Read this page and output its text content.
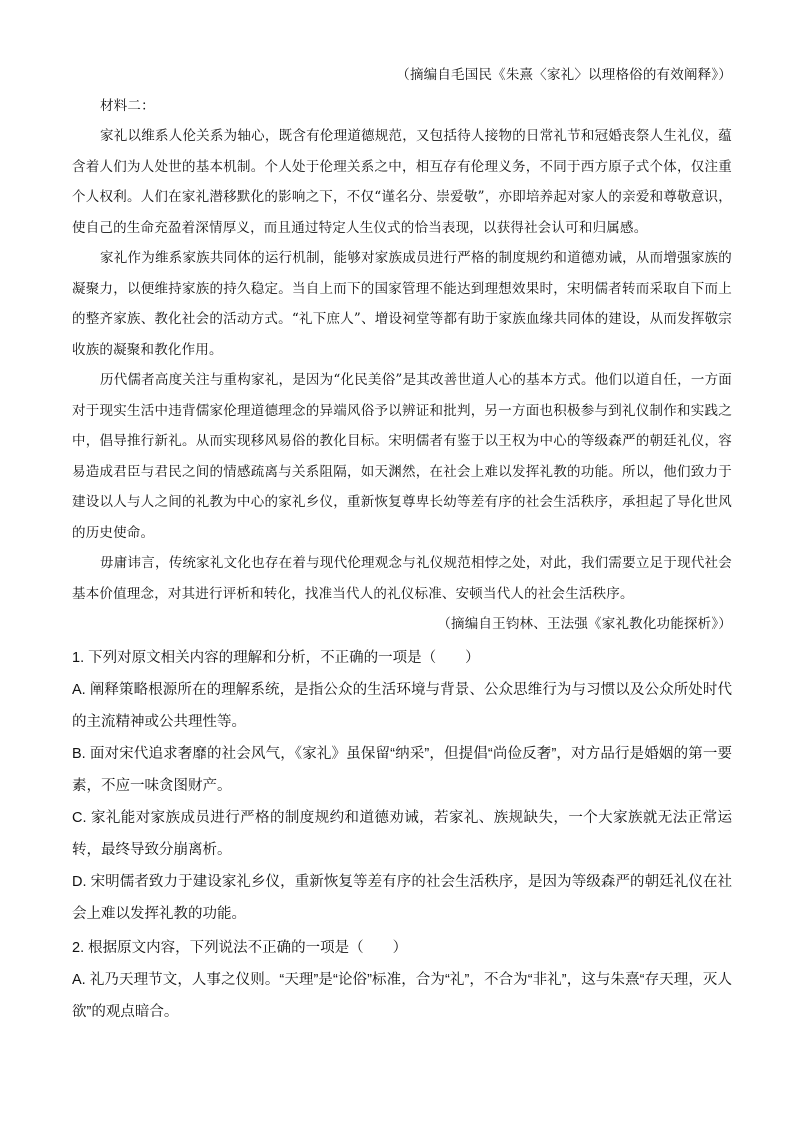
（摘编自毛国民《朱熹〈家礼〉以理格俗的有效阐释》）

材料二：

家礼以维系人伦关系为轴心，既含有伦理道德规范，又包括待人接物的日常礼节和冠婚丧祭人生礼仪，蕴含着人们为人处世的基本机制。个人处于伦理关系之中，相互存有伦理义务，不同于西方原子式个体，仅注重个人权利。人们在家礼潜移默化的影响之下，不仅“谨名分、崇爱敬”，亦即培养起对家人的亲爱和尊敬意识，使自己的生命充盈着深情厚义，而且通过特定人生仪式的恰当表现，以获得社会认可和归属感。

家礼作为维系家族共同体的运行机制，能够对家族成员进行严格的制度规约和道德劝诫，从而增强家族的凝聚力，以便维持家族的持久稳定。当自上而下的国家管理不能达到理想效果时，宋明儒者转而采取自下而上的整齐家族、教化社会的活动方式。“礼下庶人”、增设祠堂等都有助于家族血缘共同体的建设，从而发挥敬宗收族的凝聚和教化作用。

历代儒者高度关注与重构家礼，是因为“化民美俗”是其改善世道人心的基本方式。他们以道自任，一方面对于现实生活中违背儒家伦理道德理念的异端风俗予以辨证和批判，另一方面也积极参与到礼仪制作和实践之中，倡导推行新礼。从而实现移风易俗的教化目标。宋明儒者有鉴于以王权为中心的等级森严的朝廷礼仪，容易造成君臣与君民之间的情感疏离与关系阻隔，如天渊然，在社会上难以发挥礼教的功能。所以，他们致力于建设以人与人之间的礼教为中心的家礼乡仪，重新恢复尊卑长幼等差有序的社会生活秩序，承担起了导化世风的历史使命。

毋庸讳言，传统家礼文化也存在着与现代伦理观念与礼仪规范相悖之处，对此，我们需要立足于现代社会基本价值理念，对其进行评析和转化，找准当代人的礼仪标准、安顿当代人的社会生活秩序。

（摘编自王钧林、王法强《家礼教化功能探析》）

1. 下列对原文相关内容的理解和分析，不正确的一项是（　　）

A. 阐释策略根源所在的理解系统，是指公众的生活环境与背景、公众思维行为与习惯以及公众所处时代的主流精神或公共理性等。

B. 面对宋代追求奢靡的社会风气，《家礼》虽保留“纳采”，但提倡“尚俭反奢”，对方品行是婚姻的第一要素，不应一味贪图财产。

C. 家礼能对家族成员进行严格的制度规约和道德劝诫，若家礼、族规缺失，一个大家族就无法正常运转，最终导致分崩离析。

D. 宋明儒者致力于建设家礼乡仪，重新恢复等差有序的社会生活秩序，是因为等级森严的朝廷礼仪在社会上难以发挥礼教的功能。

2. 根据原文内容，下列说法不正确的一项是（　　）

A. 礼乃天理节文，人事之仪则。“天理”是“论俗”标准，合为“礼”，不合为“非礼”，这与朱熹“存天理，灭人欲”的观点暗合。
